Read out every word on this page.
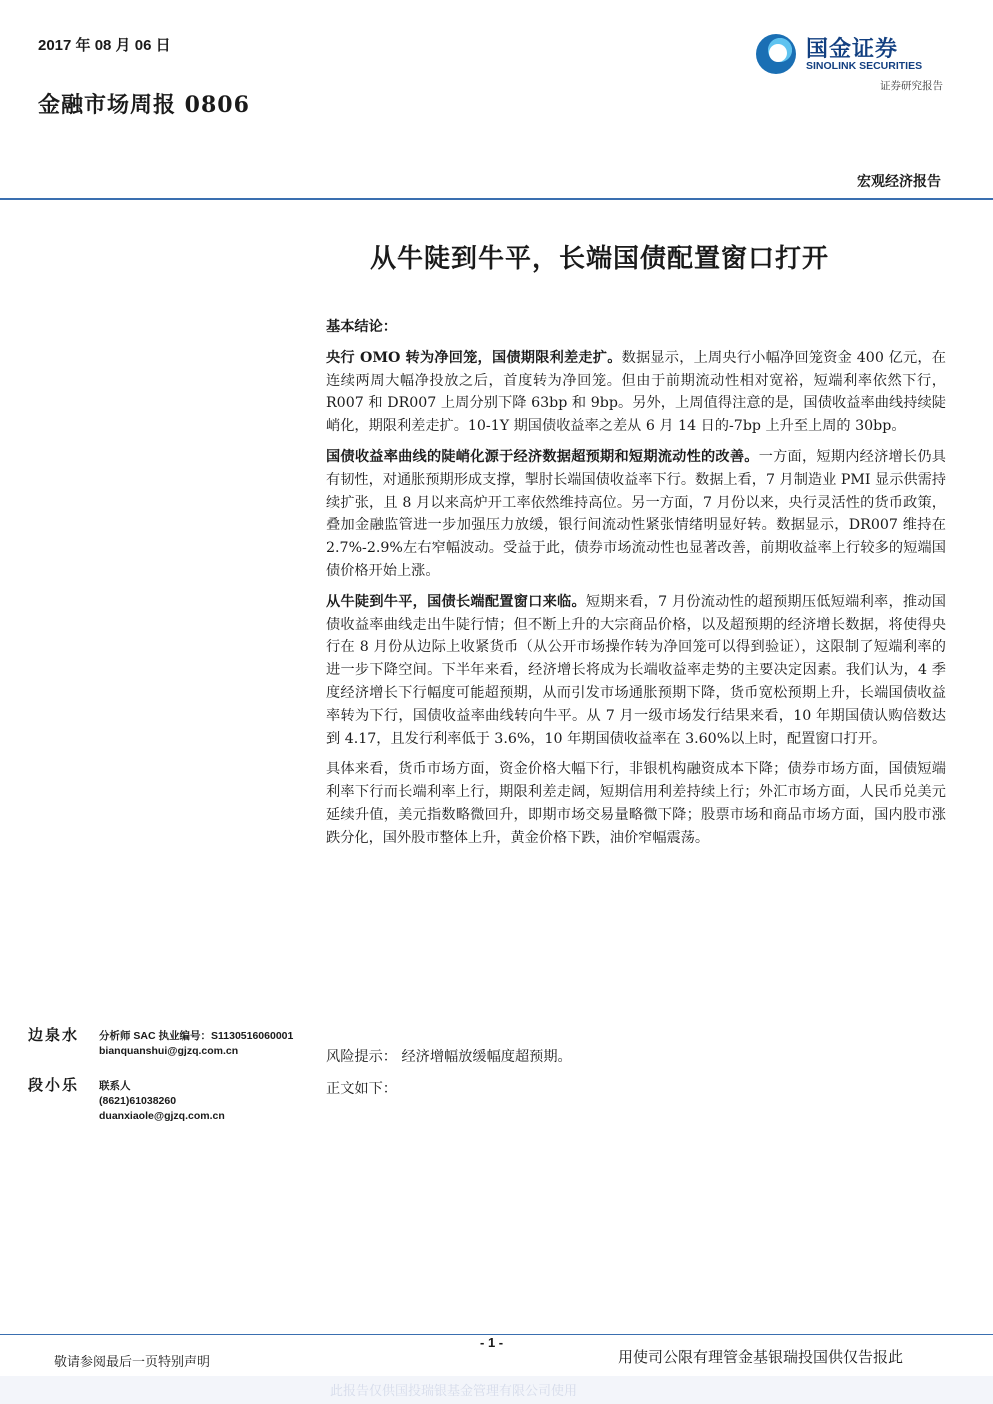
2017 年 08 月 06 日
金融市场周报 0806
国金证券
SINOLINK SECURITIES
证券研究报告
宏观经济报告
从牛陡到牛平，长端国债配置窗口打开
基本结论：

央行 OMO 转为净回笼，国债期限利差走扩。数据显示，上周央行小幅净回笼资金 400 亿元，在连续两周大幅净投放之后，首度转为净回笼。但由于前期流动性相对宽裕，短端利率依然下行，R007 和 DR007 上周分别下降 63bp 和 9bp。另外，上周值得注意的是，国债收益率曲线持续陡峭化，期限利差走扩。10-1Y 期国债收益率之差从 6 月 14 日的-7bp 上升至上周的 30bp。

国债收益率曲线的陡峭化源于经济数据超预期和短期流动性的改善。一方面，短期内经济增长仍具有韧性，对通胀预期形成支撑，掣肘长端国债收益率下行。数据上看，7 月制造业 PMI 显示供需持续扩张，且 8 月以来高炉开工率依然维持高位。另一方面，7 月份以来，央行灵活性的货币政策，叠加金融监管进一步加强压力放缓，银行间流动性紧张情绪明显好转。数据显示，DR007 维持在 2.7%-2.9%左右窄幅波动。受益于此，债券市场流动性也显著改善，前期收益率上行较多的短端国债价格开始上涨。

从牛陡到牛平，国债长端配置窗口来临。短期来看，7 月份流动性的超预期压低短端利率，推动国债收益率曲线走出牛陡行情；但不断上升的大宗商品价格，以及超预期的经济增长数据，将使得央行在 8 月份从边际上收紧货币（从公开市场操作转为净回笼可以得到验证），这限制了短端利率的进一步下降空间。下半年来看，经济增长将成为长端收益率走势的主要决定因素。我们认为，4 季度经济增长下行幅度可能超预期，从而引发市场通胀预期下降，货币宽松预期上升，长端国债收益率转为下行，国债收益率曲线转向牛平。从 7 月一级市场发行结果来看，10 年期国债认购倍数达到 4.17，且发行利率低于 3.6%，10 年期国债收益率在 3.60%以上时，配置窗口打开。

具体来看，货币市场方面，资金价格大幅下行，非银机构融资成本下降；债券市场方面，国债短端利率下行而长端利率上行，期限利差走阔，短期信用利差持续上行；外汇市场方面，人民币兑美元延续升值，美元指数略微回升，即期市场交易量略微下降；股票市场和商品市场方面，国内股市涨跌分化，国外股市整体上升，黄金价格下跌，油价窄幅震荡。

边泉水 分析师 SAC 执业编号：S1130516060001
bianquanshui@gjzq.com.cn
段小乐 联系人
(8621)61038260
duanxiaole@gjzq.com.cn
风险提示： 经济增幅放缓幅度超预期。
正文如下：
- 1 -
敬请参阅最后一页特别声明	用使司公限有理管金基银瑞投国供仅告报此
此报告仅供国投瑞银基金管理有限公司使用
